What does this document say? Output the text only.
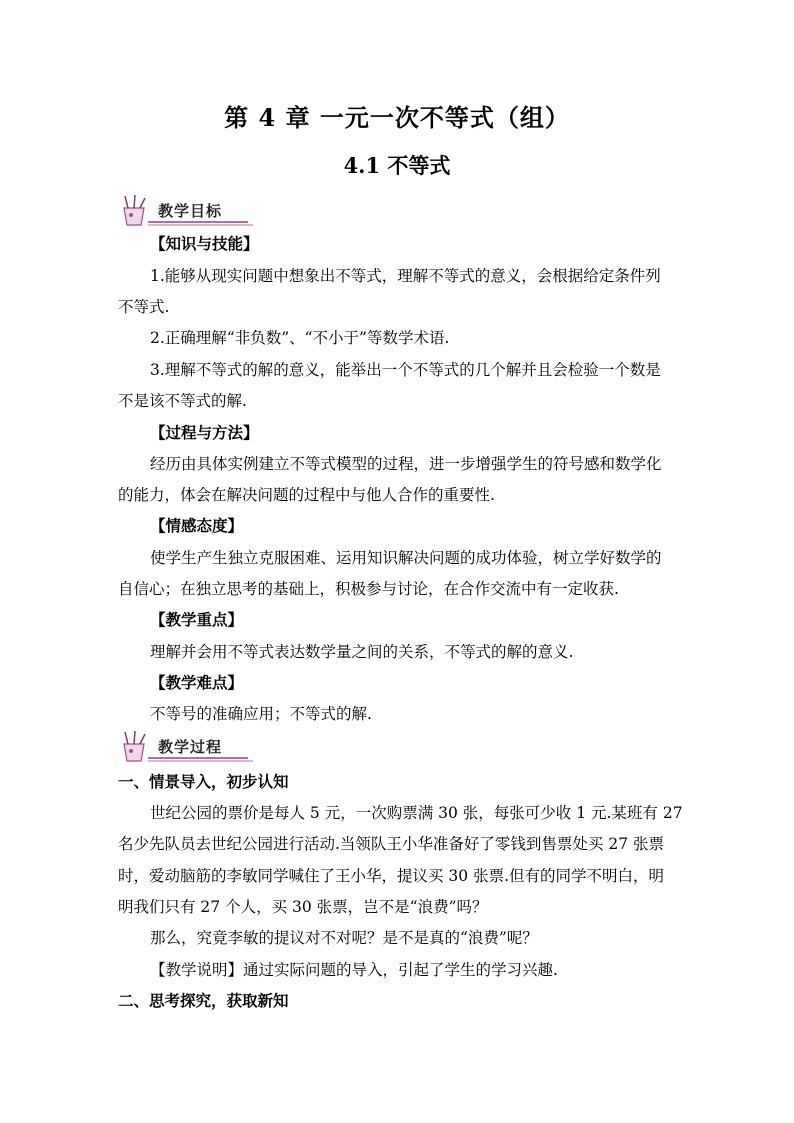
第 4 章 一元一次不等式（组）
4.1 不等式
教学目标
【知识与技能】
1.能够从现实问题中想象出不等式，理解不等式的意义，会根据给定条件列
不等式.
2.正确理解“非负数”、“不小于”等数学术语.
3.理解不等式的解的意义，能举出一个不等式的几个解并且会检验一个数是
不是该不等式的解.
【过程与方法】
经历由具体实例建立不等式模型的过程，进一步增强学生的符号感和数学化
的能力，体会在解决问题的过程中与他人合作的重要性.
【情感态度】
使学生产生独立克服困难、运用知识解决问题的成功体验，树立学好数学的
自信心；在独立思考的基础上，积极参与讨论，在合作交流中有一定收获.
【教学重点】
理解并会用不等式表达数学量之间的关系，不等式的解的意义.
【教学难点】
不等号的准确应用；不等式的解.
教学过程
一、情景导入，初步认知
世纪公园的票价是每人 5 元，一次购票满 30 张，每张可少收 1 元.某班有 27
名少先队员去世纪公园进行活动.当领队王小华准备好了零钱到售票处买 27 张票
时，爱动脑筋的李敏同学喊住了王小华，提议买 30 张票.但有的同学不明白，明
明我们只有 27 个人，买 30 张票，岂不是“浪费”吗？
那么，究竟李敏的提议对不对呢？是不是真的“浪费”呢？
【教学说明】通过实际问题的导入，引起了学生的学习兴趣.
二、思考探究，获取新知
